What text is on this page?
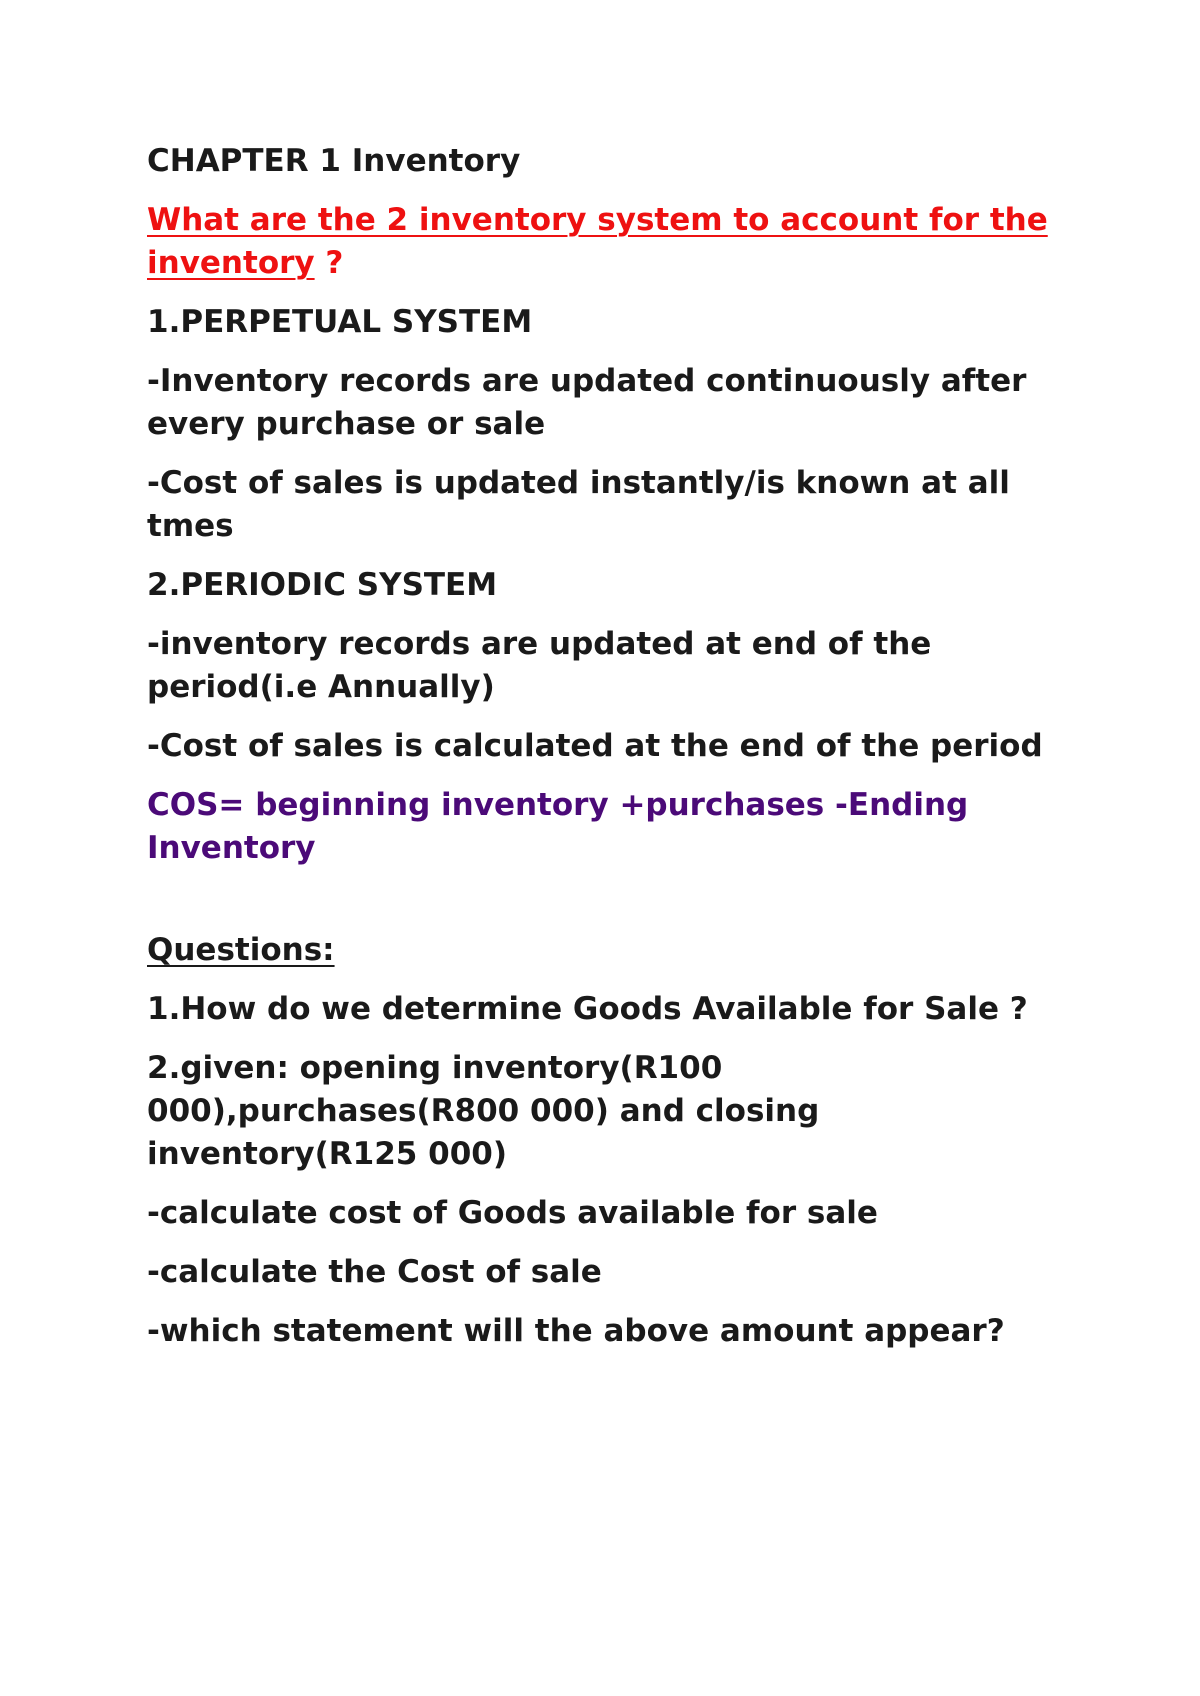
CHAPTER 1 Inventory

What are the 2 inventory system to account for the inventory ?

1.PERPETUAL SYSTEM

-Inventory records are updated continuously after every purchase or sale

-Cost of sales is updated instantly/is known at all tmes

2.PERIODIC SYSTEM

-inventory records are updated at end of the period(i.e Annually)

-Cost of sales is calculated at the end of the period

COS= beginning inventory +purchases -Ending Inventory

Questions:

1.How do we determine Goods Available for Sale ?

2.given: opening inventory(R100 000),purchases(R800 000) and closing inventory(R125 000)

-calculate cost of Goods available for sale

-calculate the Cost of sale

-which statement will the above amount appear?
